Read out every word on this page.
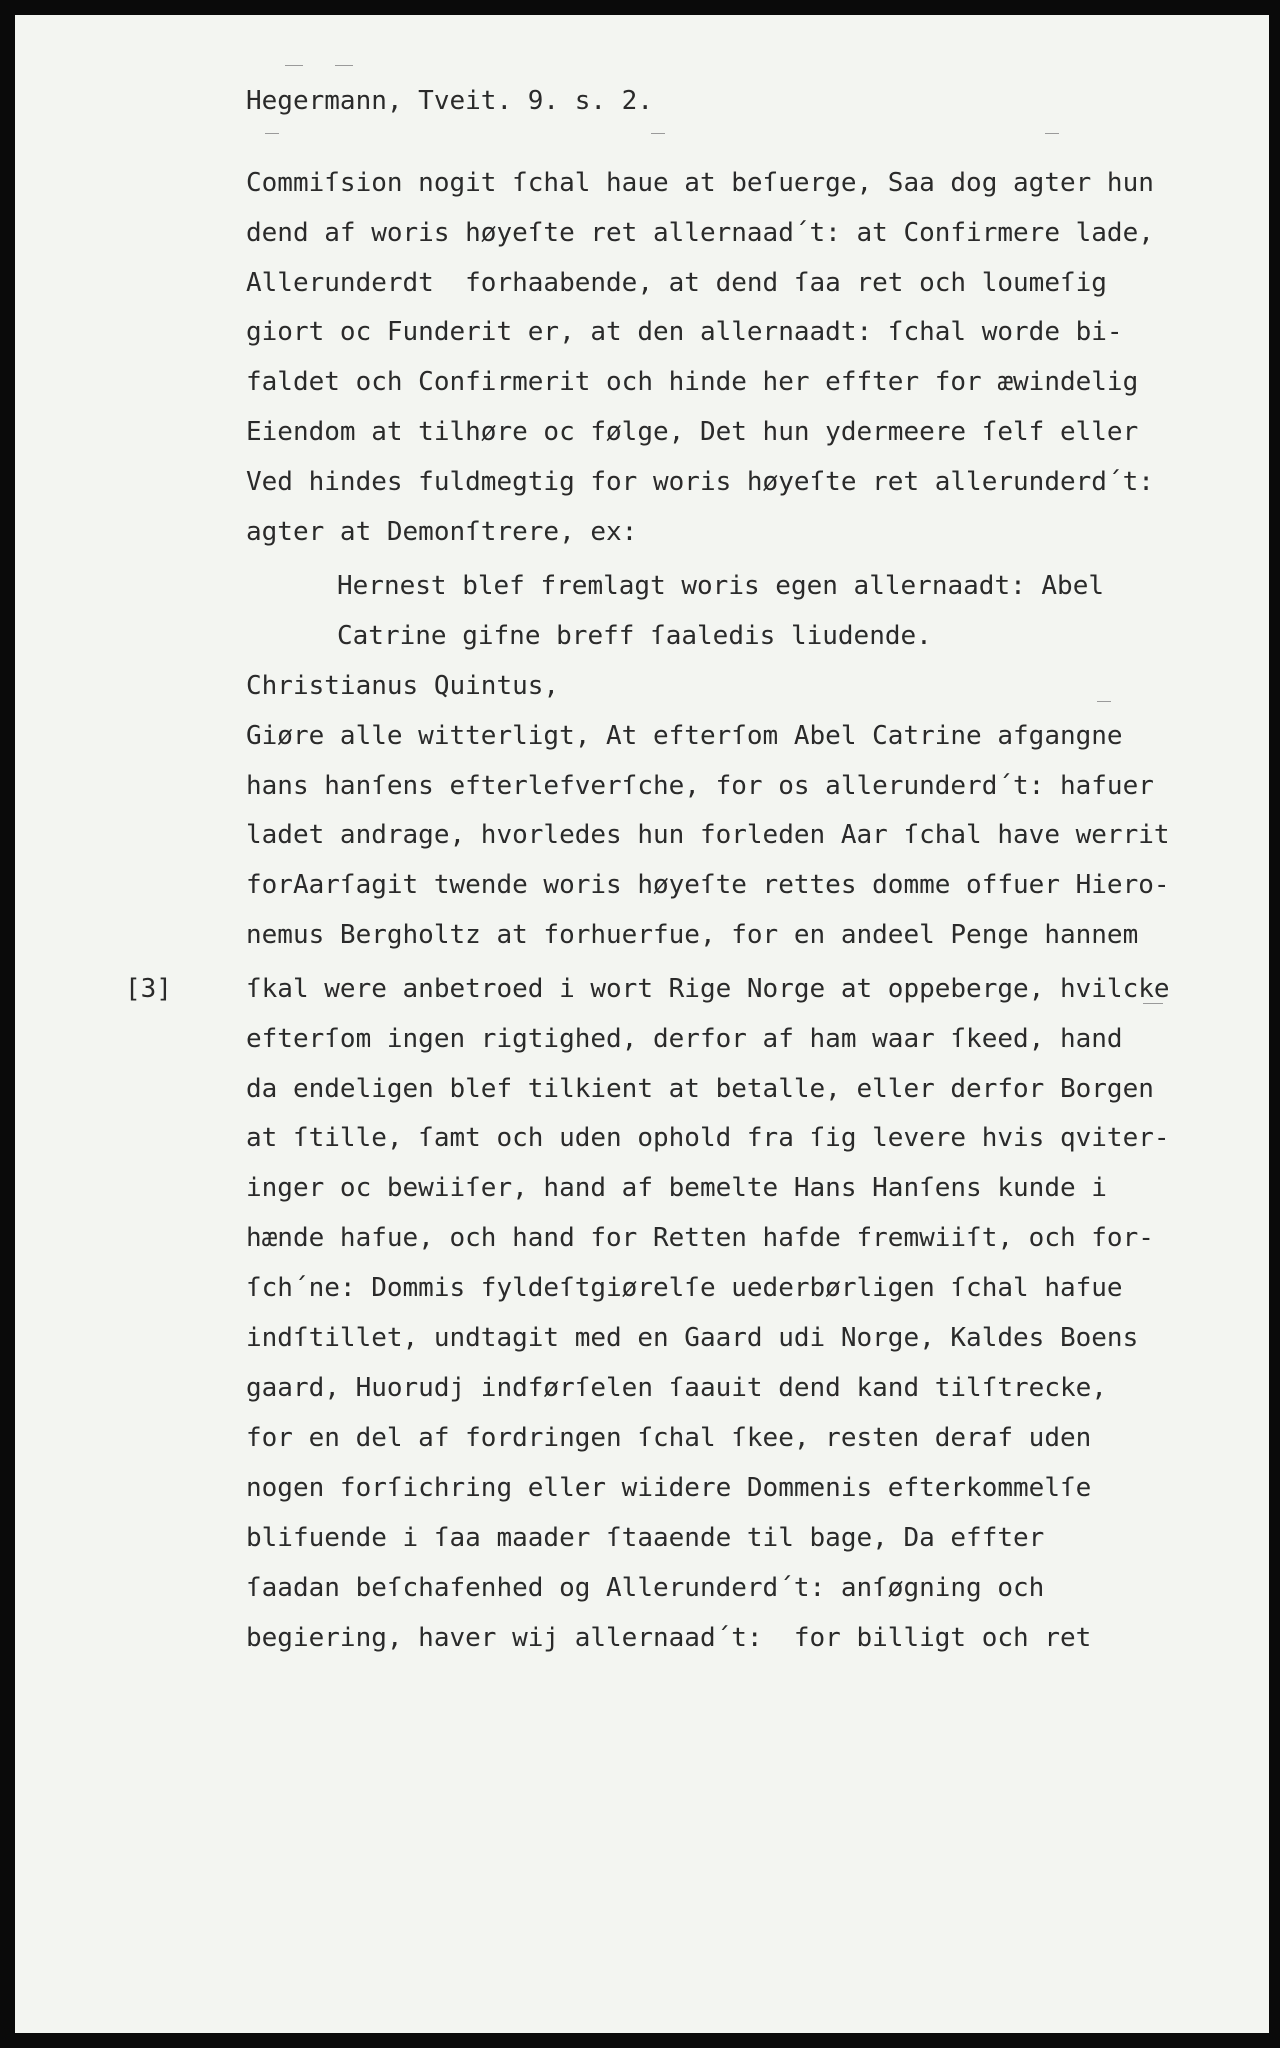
Hegermann, Tveit. 9. s. 2.

[3]

Commiſsion nogit ſchal haue at beſuerge, Saa dog agter hun

dend af woris høyeſte ret allernaad´t: at Confirmere lade,

Allerunderdt  forhaabende, at dend ſaa ret och loumeſig

giort oc Funderit er, at den allernaadt: ſchal worde bi-

faldet och Confirmerit och hinde her effter for æwindelig

Eiendom at tilhøre oc følge, Det hun ydermeere ſelf eller

Ved hindes fuldmegtig for woris høyeſte ret allerunderd´t:

agter at Demonſtrere, ex:

Hernest blef fremlagt woris egen allernaadt: Abel

Catrine gifne breff ſaaledis liudende.

Christianus Quintus,

Giøre alle witterligt, At efterſom Abel Catrine afgangne

hans hanſens efterlefverſche, for os allerunderd´t: hafuer

ladet andrage, hvorledes hun forleden Aar ſchal have werrit

forAarſagit twende woris høyeſte rettes domme offuer Hiero-

nemus Bergholtz at forhuerfue, for en andeel Penge hannem

ſkal were anbetroed i wort Rige Norge at oppeberge, hvilcke

efterſom ingen rigtighed, derfor af ham waar ſkeed, hand

da endeligen blef tilkient at betalle, eller derfor Borgen

at ſtille, ſamt och uden ophold fra ſig levere hvis qviter-

inger oc bewiiſer, hand af bemelte Hans Hanſens kunde i

hænde hafue, och hand for Retten hafde fremwiiſt, och for-

ſch´ne: Dommis fyldeſtgiørelſe uederbørligen ſchal hafue

indſtillet, undtagit med en Gaard udi Norge, Kaldes Boens

gaard, Huorudj indførſelen ſaauit dend kand tilſtrecke,

for en del af fordringen ſchal ſkee, resten deraf uden

nogen forſichring eller wiidere Dommenis efterkommelſe

blifuende i ſaa maader ſtaaende til bage, Da effter

ſaadan beſchafenhed og Allerunderd´t: anſøgning och

begiering, haver wij allernaad´t:  for billigt och ret
